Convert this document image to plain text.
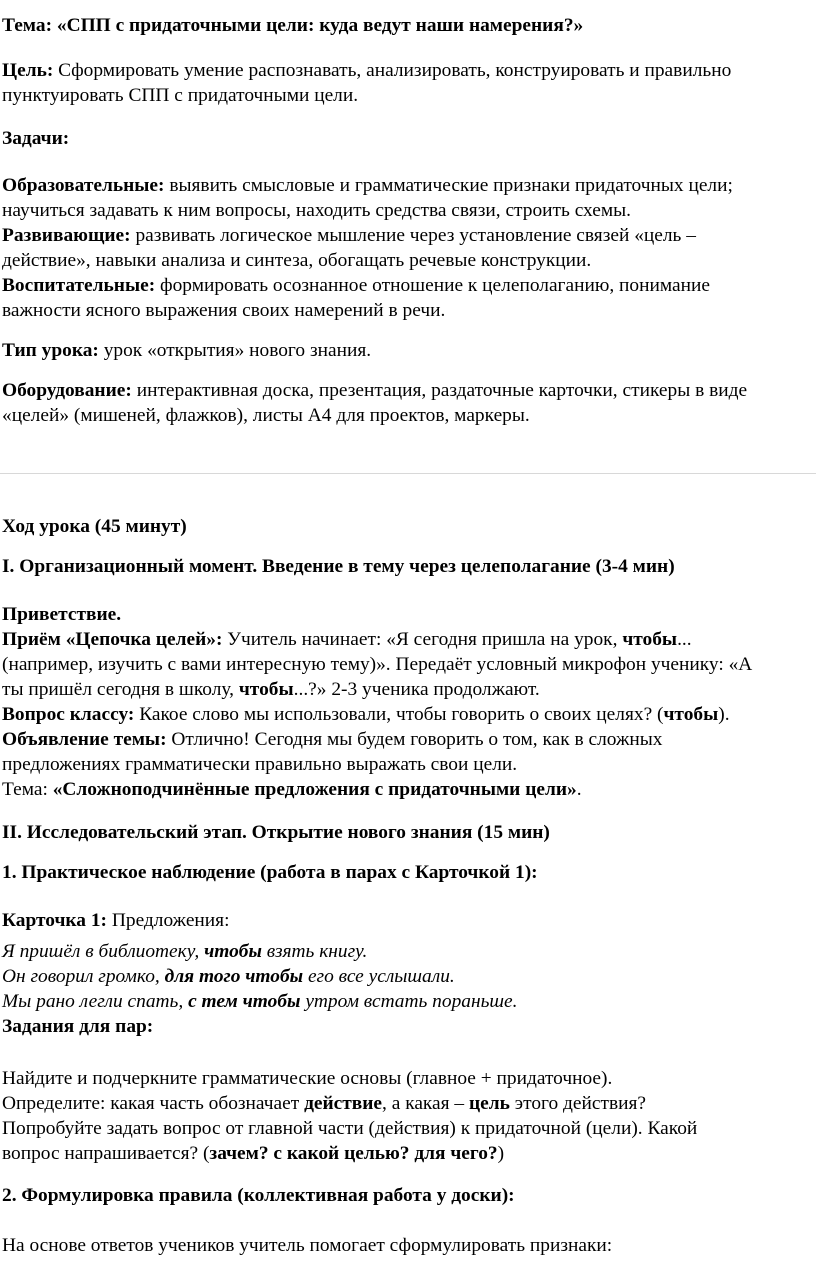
Тема: «СПП с придаточными цели: куда ведут наши намерения?»
Цель: Сформировать умение распознавать, анализировать, конструировать и правильно
пунктуировать СПП с придаточными цели.
Задачи:
Образовательные: выявить смысловые и грамматические признаки придаточных цели;
научиться задавать к ним вопросы, находить средства связи, строить схемы.
Развивающие: развивать логическое мышление через установление связей «цель –
действие», навыки анализа и синтеза, обогащать речевые конструкции.
Воспитательные: формировать осознанное отношение к целеполаганию, понимание
важности ясного выражения своих намерений в речи.
Тип урока: урок «открытия» нового знания.
Оборудование: интерактивная доска, презентация, раздаточные карточки, стикеры в виде
«целей» (мишеней, флажков), листы А4 для проектов, маркеры.
Ход урока (45 минут)
I. Организационный момент. Введение в тему через целеполагание (3-4 мин)
Приветствие.
Приём «Цепочка целей»: Учитель начинает: «Я сегодня пришла на урок, чтобы...
(например, изучить с вами интересную тему)». Передаёт условный микрофон ученику: «А
ты пришёл сегодня в школу, чтобы...?» 2-3 ученика продолжают.
Вопрос классу: Какое слово мы использовали, чтобы говорить о своих целях? (чтобы).
Объявление темы: Отлично! Сегодня мы будем говорить о том, как в сложных
предложениях грамматически правильно выражать свои цели.
Тема: «Сложноподчинённые предложения с придаточными цели».
II. Исследовательский этап. Открытие нового знания (15 мин)
1. Практическое наблюдение (работа в парах с Карточкой 1):
Карточка 1: Предложения:
Я пришёл в библиотеку, чтобы взять книгу.
Он говорил громко, для того чтобы его все услышали.
Мы рано легли спать, с тем чтобы утром встать пораньше.
Задания для пар:
Найдите и подчеркните грамматические основы (главное + придаточное).
Определите: какая часть обозначает действие, а какая – цель этого действия?
Попробуйте задать вопрос от главной части (действия) к придаточной (цели). Какой
вопрос напрашивается? (зачем? с какой целью? для чего?)
2. Формулировка правила (коллективная работа у доски):
На основе ответов учеников учитель помогает сформулировать признаки:
